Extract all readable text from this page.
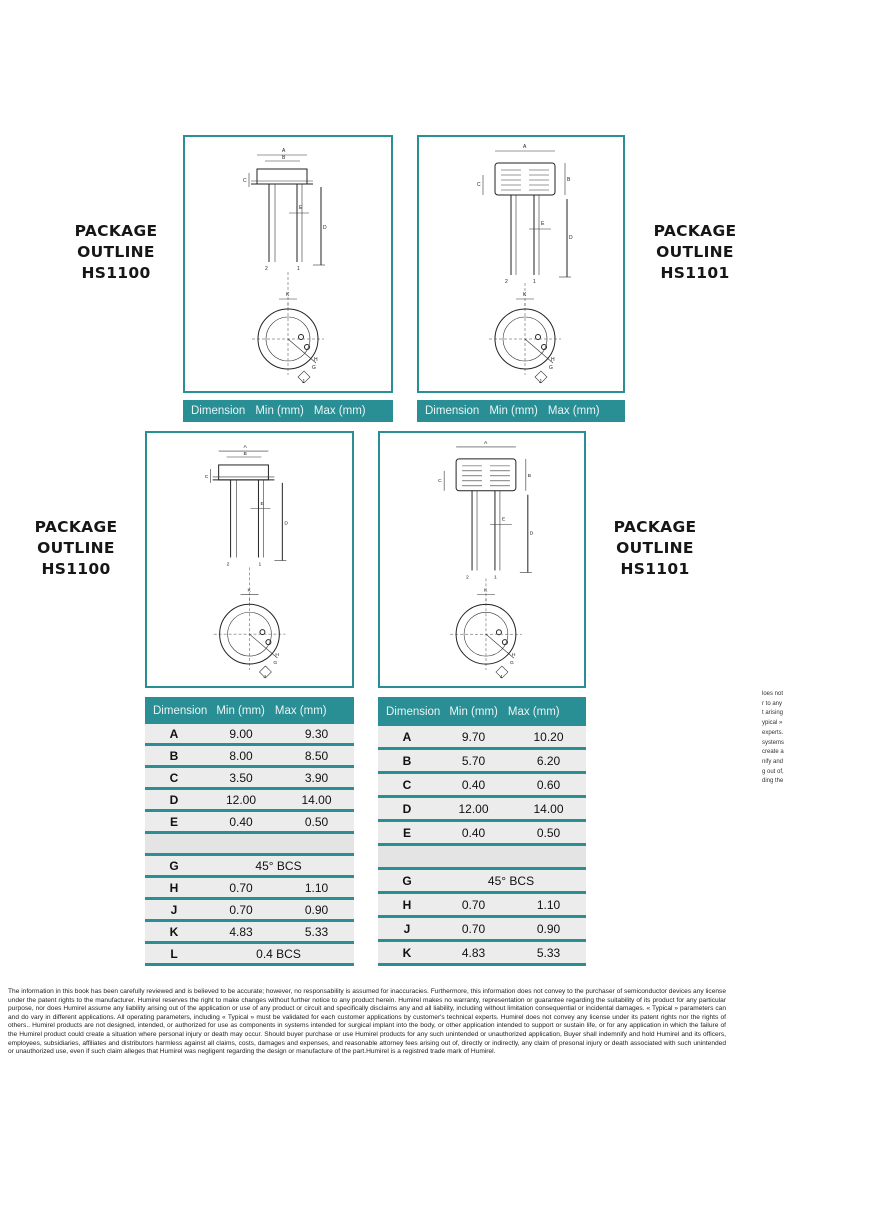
PACKAGE
OUTLINE
HS1100
PACKAGE
OUTLINE
HS1101
PACKAGE
OUTLINE
HS1100
PACKAGE
OUTLINE
HS1101
A
B
C
2	1
E
D
K
G
H
J
A
C
B
2	1
E
D
K
G
H
J
Dimension Min (mm) Max (mm)	Dimension Min (mm) Max (mm)
A
B
C
2	1
E
D
K
G
H
J
A
C
B
2	1
E
D
K
G
H
J
Dimension Min (mm) Max (mm)
A	9.00	9.30
B	8.00	8.50
C	3.50	3.90
D	12.00	14.00
E	0.40	0.50

G	45° BCS	
H	0.70	1.10
J	0.70	0.90
K	4.83	5.33
L	0.4 BCS	
Dimension Min (mm) Max (mm)
A	9.70	10.20
B	5.70	6.20
C	0.40	0.60
D	12.00	14.00
E	0.40	0.50

G	45° BCS	
H	0.70	1.10
J	0.70	0.90
K	4.83	5.33
loes not
r to any
t arising
ypical »
experts.
systems
create a
nify and
g out of,
ding the
The information in this book has been carefully reviewed and is believed to be accurate; however, no responsability is assumed for inaccuracies. Furthermore, this information does not convey to the purchaser of semiconductor devices any license under the patent rights to the manufacturer. Humirel reserves the right to make changes without further notice to any product herein. Humirel makes no warranty, representation or guarantee regarding the suitability of its product for any particular purpose, nor does Humirel assume any liability arising out of the application or use of any product or circuit and specifically disclaims any and all liability, including without limitation consequential or incidental damages. « Typical » parameters can and do vary in different applications. All operating parameters, including « Typical » must be validated for each customer applications by customer's technical experts. Humirel does not convey any license under its patent rights nor the rights of others.. Humirel products are not designed, intended, or authorized for use as components in systems intended for surgical implant into the body, or other application intended to support or sustain life, or for any application in which the failure of the Humirel product could create a situation where personal injury or death may occur. Should buyer purchase or use Humirel products for any such unintended or unauthorized application, Buyer shall indemnify and hold Humirel and its officers, employees, subsidiaries, affiliates and distributors harmless against all claims, costs, damages and expenses, and reasonable attorney fees arising out of, directly or indirectly, any claim of presonal injury or death associated with such unintended or unauthorized use, even if such claim alleges that Humirel was negligent regarding the design or manufacture of the part.Humirel is a registred trade mark of Humirel.
